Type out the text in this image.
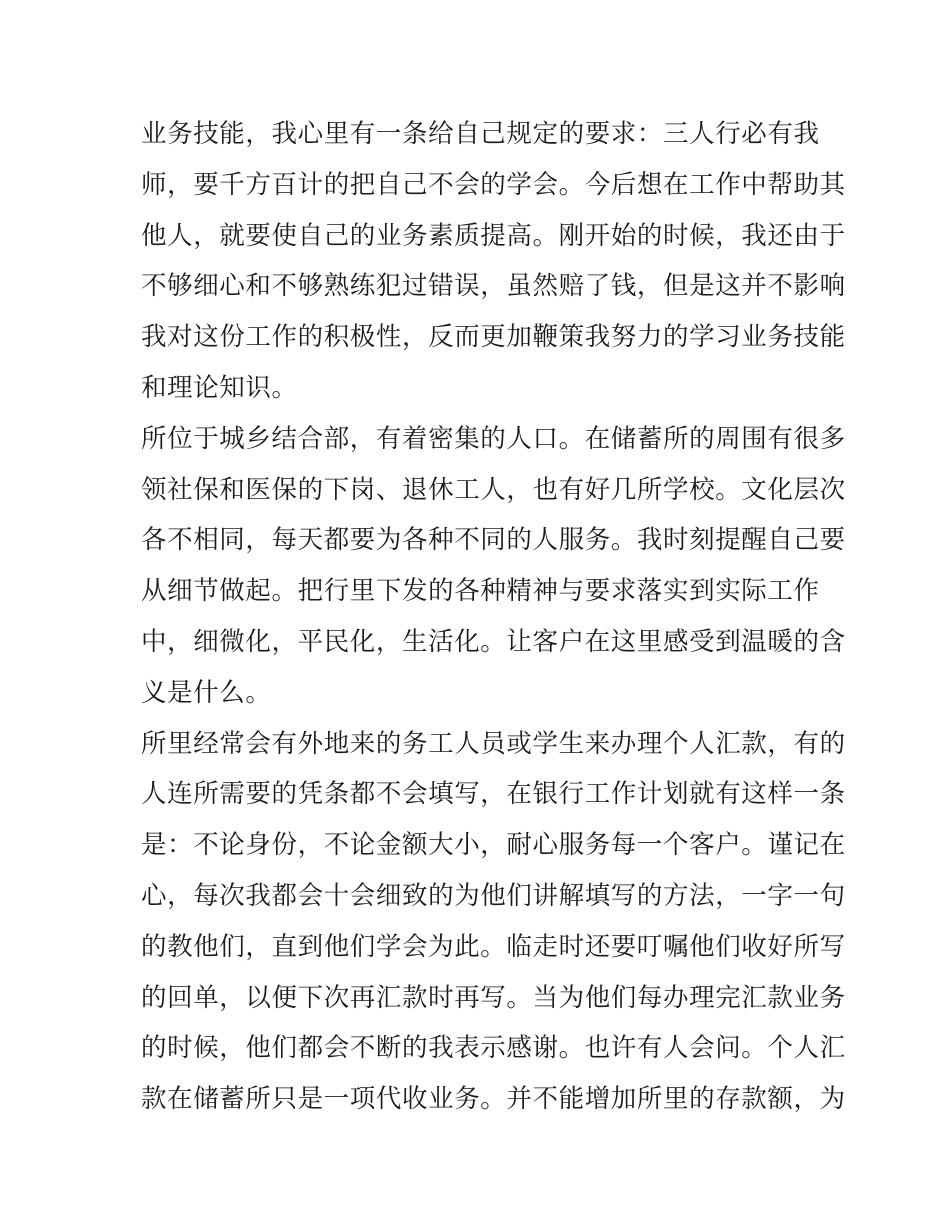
业务技能，我心里有一条给自己规定的要求：三人行必有我
师，要千方百计的把自己不会的学会。今后想在工作中帮助其
他人，就要使自己的业务素质提高。刚开始的时候，我还由于
不够细心和不够熟练犯过错误，虽然赔了钱，但是这并不影响
我对这份工作的积极性，反而更加鞭策我努力的学习业务技能
和理论知识。
所位于城乡结合部，有着密集的人口。在储蓄所的周围有很多
领社保和医保的下岗、退休工人，也有好几所学校。文化层次
各不相同，每天都要为各种不同的人服务。我时刻提醒自己要
从细节做起。把行里下发的各种精神与要求落实到实际工作
中，细微化，平民化，生活化。让客户在这里感受到温暖的含
义是什么。
所里经常会有外地来的务工人员或学生来办理个人汇款，有的
人连所需要的凭条都不会填写，在银行工作计划就有这样一条
是：不论身份，不论金额大小，耐心服务每一个客户。谨记在
心，每次我都会十会细致的为他们讲解填写的方法，一字一句
的教他们，直到他们学会为此。临走时还要叮嘱他们收好所写
的回单，以便下次再汇款时再写。当为他们每办理完汇款业务
的时候，他们都会不断的我表示感谢。也许有人会问。个人汇
款在储蓄所只是一项代收业务。并不能增加所里的存款额，为
